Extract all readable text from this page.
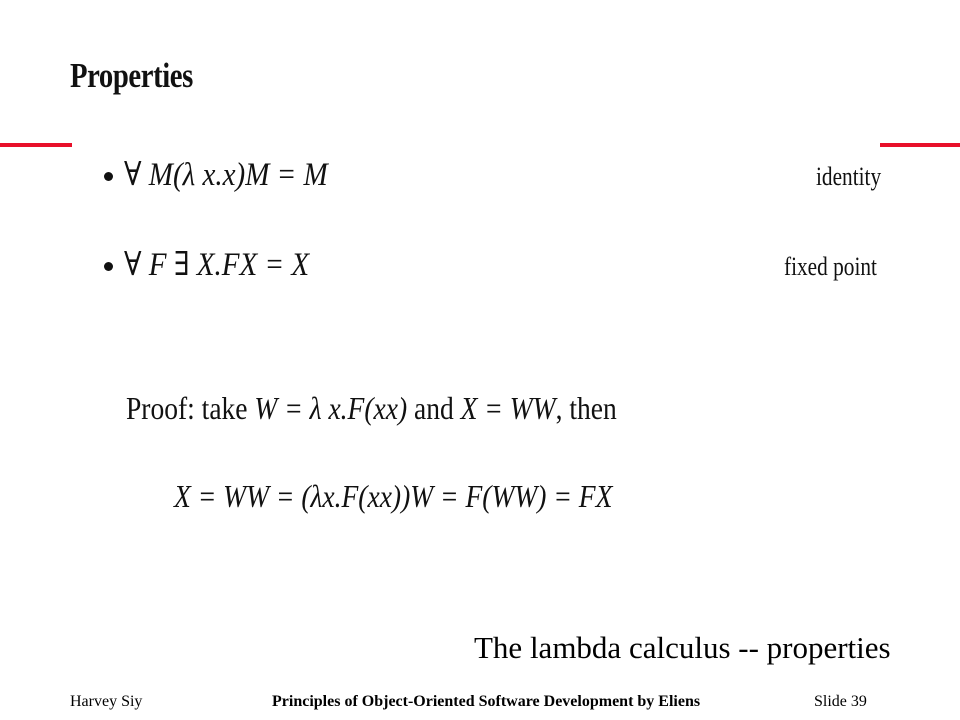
Properties
∀ M(λ x.x)M = M	identity
∀ F ∃ X.FX = X	fixed point
Proof: take W = λ x.F(xx) and X = WW, then
X = WW = (λx.F(xx))W = F(WW) = FX
The lambda calculus -- properties
Harvey Siy	Principles of Object-Oriented Software Development by Eliens	Slide 39
